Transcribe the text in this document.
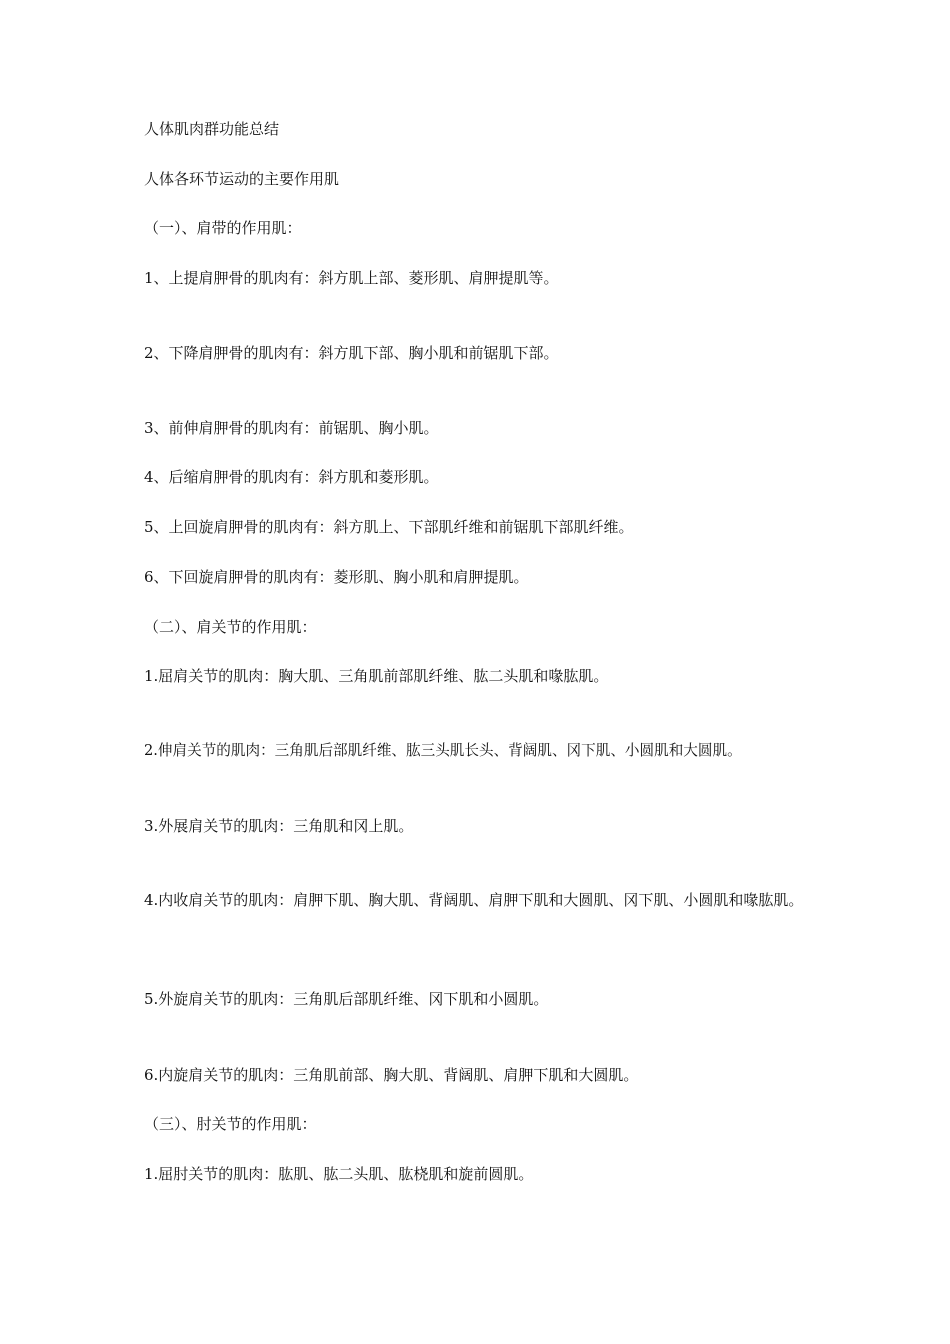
人体肌肉群功能总结
人体各环节运动的主要作用肌
（一）、肩带的作用肌：
1、上提肩胛骨的肌肉有：斜方肌上部、菱形肌、肩胛提肌等。
2、下降肩胛骨的肌肉有：斜方肌下部、胸小肌和前锯肌下部。
3、前伸肩胛骨的肌肉有：前锯肌、胸小肌。
4、后缩肩胛骨的肌肉有：斜方肌和菱形肌。
5、上回旋肩胛骨的肌肉有：斜方肌上、下部肌纤维和前锯肌下部肌纤维。
6、下回旋肩胛骨的肌肉有：菱形肌、胸小肌和肩胛提肌。
（二）、肩关节的作用肌：
1.屈肩关节的肌肉：胸大肌、三角肌前部肌纤维、肱二头肌和喙肱肌。
2.伸肩关节的肌肉：三角肌后部肌纤维、肱三头肌长头、背阔肌、冈下肌、小圆肌和大圆肌。
3.外展肩关节的肌肉：三角肌和冈上肌。
4.内收肩关节的肌肉：肩胛下肌、胸大肌、背阔肌、肩胛下肌和大圆肌、冈下肌、小圆肌和喙肱肌。
5.外旋肩关节的肌肉：三角肌后部肌纤维、冈下肌和小圆肌。
6.内旋肩关节的肌肉：三角肌前部、胸大肌、背阔肌、肩胛下肌和大圆肌。
（三）、肘关节的作用肌：
1.屈肘关节的肌肉：肱肌、肱二头肌、肱桡肌和旋前圆肌。
